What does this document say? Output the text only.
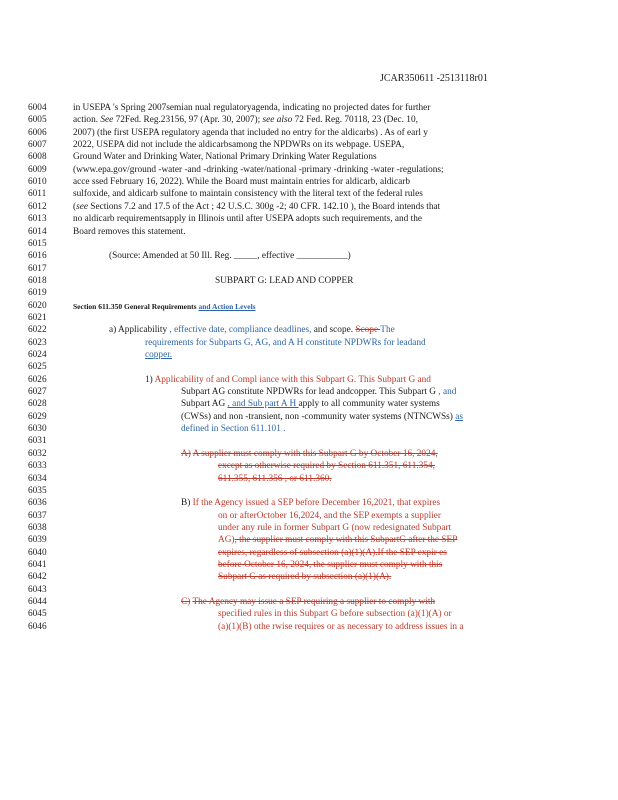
JCAR350611 -2513118r01
6004	in USEPA 's Spring 2007semian nual regulatoryagenda, indicating no projected dates for further
6005	action. See 72Fed. Reg.23156, 97 (Apr. 30, 2007); see also 72 Fed. Reg. 70118, 23 (Dec. 10,
6006	2007) (the first USEPA regulatory agenda that included no entry for the aldicarbs) . As of earl y
6007	2022, USEPA did not include the aldicarbsamong the NPDWRs on its webpage. USEPA,
6008	Ground Water and Drinking Water, National Primary Drinking Water Regulations
6009	(www.epa.gov/ground -water -and -drinking -water/national -primary -drinking -water -regulations;
6010	acce ssed February 16, 2022). While the Board must maintain entries for aldicarb, aldicarb
6011	sulfoxide, and aldicarb sulfone to maintain consistency with the literal text of the federal rules
6012	(see Sections 7.2 and 17.5 of the Act ; 42 U.S.C. 300g -2; 40 CFR. 142.10 ), the Board intends that
6013	no aldicarb requirementsapply in Illinois until after USEPA adopts such requirements, and the
6014	Board removes this statement.
6015
6016	(Source: Amended at 50 Ill. Reg. _____, effective ___________)
6017
6018	SUBPART G: LEAD AND COPPER
6019
6020	Section 611.350 General Requirements and Action Levels
6021
6022	a) Applicability , effective date, compliance deadlines, and scope. Scope The
6023	requirements for Subparts G, AG, and A H constitute NPDWRs for leadand
6024	copper.
6025
6026	1) Applicability of and Compl iance with this Subpart G. This Subpart G and
6027	Subpart AG constitute NPDWRs for lead andcopper. This Subpart G , and
6028	Subpart AG , and Sub part A H apply to all community water systems
6029	(CWSs) and non -transient, non -community water systems (NTNCWSs) as
6030	defined in Section 611.101 .
6031
6032	A) A supplier must comply with this Subpart G by October 16, 2024,
6033	except as otherwise required by Section 611.351, 611.354,
6034	611.355, 611.356 , or 611.360.
6035
6036	B) If the Agency issued a SEP before December 16,2021, that expires
6037	on or afterOctober 16,2024, and the SEP exempts a supplier
6038	under any rule in former Subpart G (now redesignated Subpart
6039	AG), the supplier must comply with this SubpartG after the SEP
6040	expires, regardless of subsection (a)(1)(A).If the SEP expir es
6041	before October 16, 2024, the supplier must comply with this
6042	Subpart G as required by subsection (a)(1)(A).
6043
6044	C) The Agency may issue a SEP requiring a supplier to comply with
6045	specified rules in this Subpart G before subsection (a)(1)(A) or
6046	(a)(1)(B) othe rwise requires or as necessary to address issues in a
